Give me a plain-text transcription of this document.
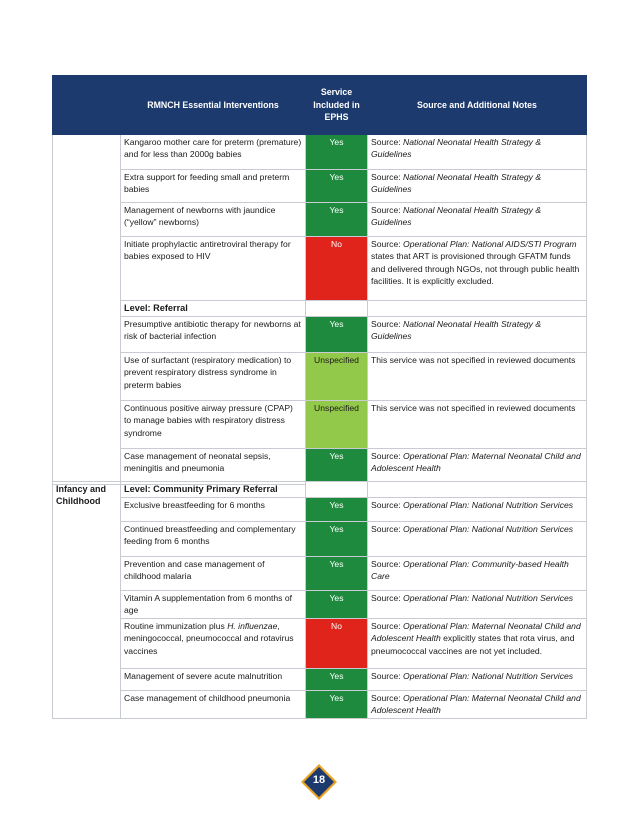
	RMNCH Essential Interventions	Service Included in EPHS	Source and Additional Notes
	Kangaroo mother care for preterm (premature) and for less than 2000g babies	Yes	Source: National Neonatal Health Strategy & Guidelines
	Extra support for feeding small and preterm babies	Yes	Source: National Neonatal Health Strategy & Guidelines
	Management of newborns with jaundice (“yellow” newborns)	Yes	Source: National Neonatal Health Strategy & Guidelines
	Initiate prophylactic antiretroviral therapy for babies exposed to HIV	No	Source: Operational Plan: National AIDS/STI Program states that ART is provisioned through GFATM funds and delivered through NGOs, not through public health facilities. It is explicitly excluded.
	Level: Referral		
	Presumptive antibiotic therapy for newborns at risk of bacterial infection	Yes	Source: National Neonatal Health Strategy & Guidelines
	Use of surfactant (respiratory medication) to prevent respiratory distress syndrome in preterm babies	Unspecified	This service was not specified in reviewed documents
	Continuous positive airway pressure (CPAP) to manage babies with respiratory distress syndrome	Unspecified	This service was not specified in reviewed documents
	Case management of neonatal sepsis, meningitis and pneumonia	Yes	Source: Operational Plan: Maternal Neonatal Child and Adolescent Health
Infancy and Childhood	Level: Community Primary Referral		
	Exclusive breastfeeding for 6 months	Yes	Source: Operational Plan: National Nutrition Services
	Continued breastfeeding and complementary feeding from 6 months	Yes	Source: Operational Plan: National Nutrition Services
	Prevention and case management of childhood malaria	Yes	Source: Operational Plan: Community-based Health Care
	Vitamin A supplementation from 6 months of age	Yes	Source: Operational Plan: National Nutrition Services
	Routine immunization plus H. influenzae, meningococcal, pneumococcal and rotavirus vaccines	No	Source: Operational Plan: Maternal Neonatal Child and Adolescent Health explicitly states that rota virus, and pneumococcal vaccines are not yet included.
	Management of severe acute malnutrition	Yes	Source: Operational Plan: National Nutrition Services
	Case management of childhood pneumonia	Yes	Source: Operational Plan: Maternal Neonatal Child and Adolescent Health
18
